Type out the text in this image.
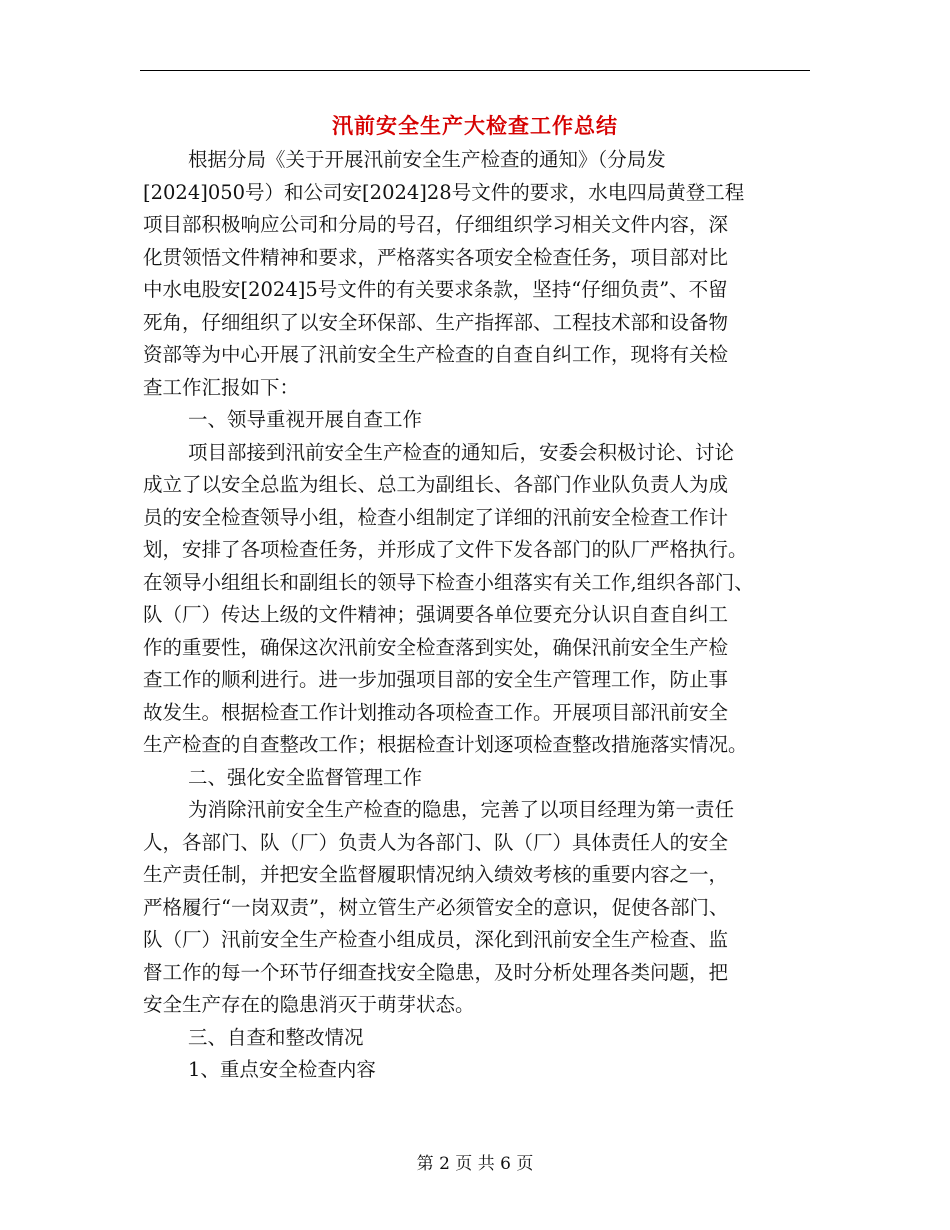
汛前安全生产大检查工作总结
根据分局《关于开展汛前安全生产检查的通知》（分局发
[2024]050号）和公司安[2024]28号文件的要求，水电四局黄登工程
项目部积极响应公司和分局的号召，仔细组织学习相关文件内容，深
化贯领悟文件精神和要求，严格落实各项安全检查任务，项目部对比
中水电股安[2024]5号文件的有关要求条款，坚持“仔细负责”、不留
死角，仔细组织了以安全环保部、生产指挥部、工程技术部和设备物
资部等为中心开展了汛前安全生产检查的自查自纠工作，现将有关检
查工作汇报如下：
一、领导重视开展自查工作
项目部接到汛前安全生产检查的通知后，安委会积极讨论、讨论
成立了以安全总监为组长、总工为副组长、各部门作业队负责人为成
员的安全检查领导小组，检查小组制定了详细的汛前安全检查工作计
划，安排了各项检查任务，并形成了文件下发各部门的队厂严格执行。
在领导小组组长和副组长的领导下检查小组落实有关工作,组织各部门、
队（厂）传达上级的文件精神；强调要各单位要充分认识自查自纠工
作的重要性，确保这次汛前安全检查落到实处，确保汛前安全生产检
查工作的顺利进行。进一步加强项目部的安全生产管理工作，防止事
故发生。根据检查工作计划推动各项检查工作。开展项目部汛前安全
生产检查的自查整改工作；根据检查计划逐项检查整改措施落实情况。
二、强化安全监督管理工作
为消除汛前安全生产检查的隐患，完善了以项目经理为第一责任
人，各部门、队（厂）负责人为各部门、队（厂）具体责任人的安全
生产责任制，并把安全监督履职情况纳入绩效考核的重要内容之一，
严格履行“一岗双责”，树立管生产必须管安全的意识，促使各部门、
队（厂）汛前安全生产检查小组成员，深化到汛前安全生产检查、监
督工作的每一个环节仔细查找安全隐患，及时分析处理各类问题，把
安全生产存在的隐患消灭于萌芽状态。
三、自查和整改情况
1、重点安全检查内容
第 2 页 共 6 页
